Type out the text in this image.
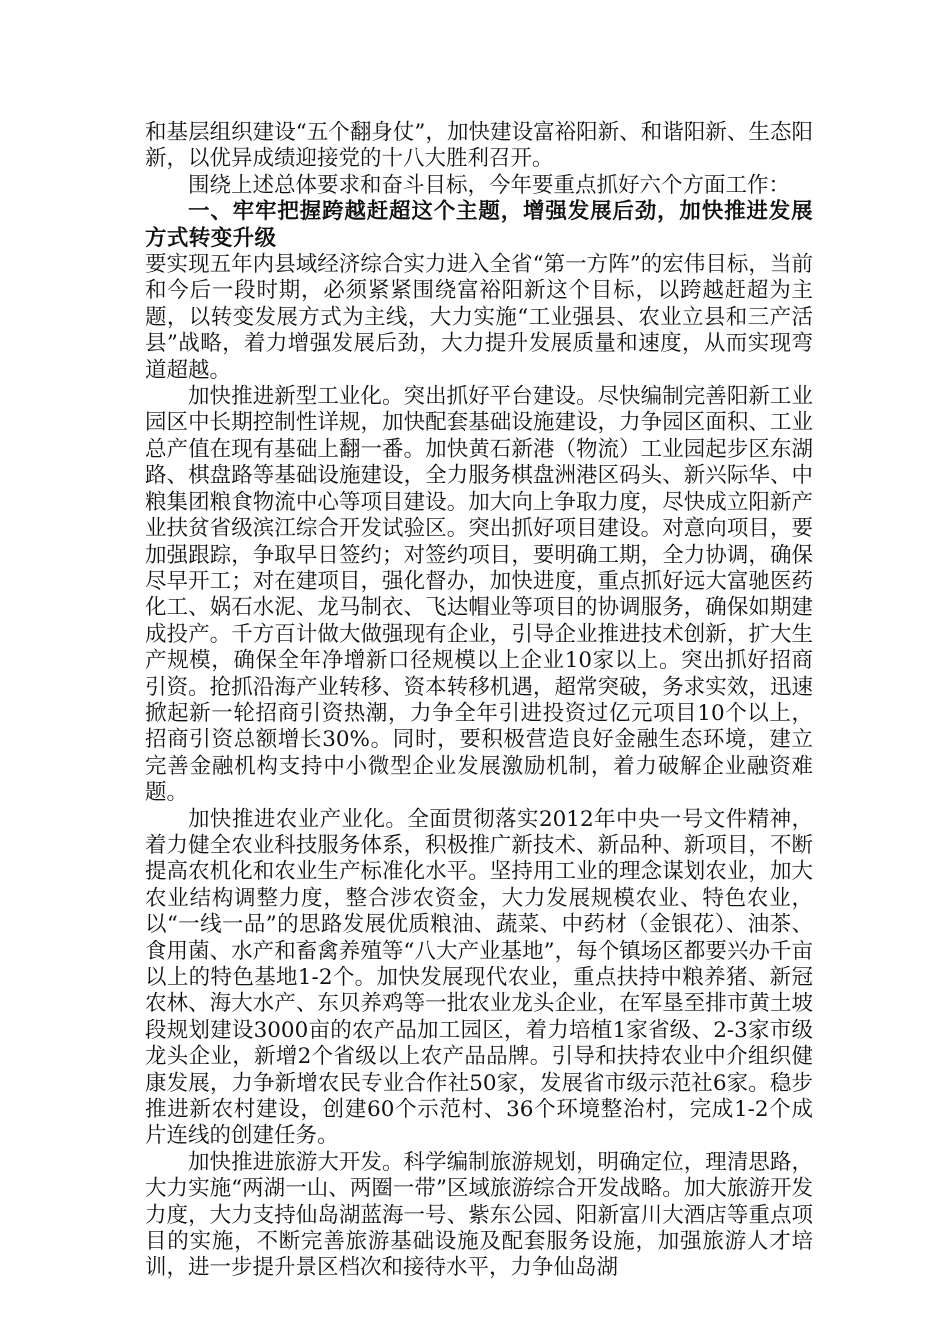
和基层组织建设“五个翻身仗”，加快建设富裕阳新、和谐阳新、生态阳新，以优异成绩迎接党的十八大胜利召开。

围绕上述总体要求和奋斗目标，今年要重点抓好六个方面工作：

一、牢牢把握跨越赶超这个主题，增强发展后劲，加快推进发展方式转变升级

要实现五年内县域经济综合实力进入全省“第一方阵”的宏伟目标，当前和今后一段时期，必须紧紧围绕富裕阳新这个目标，以跨越赶超为主题，以转变发展方式为主线，大力实施“工业强县、农业立县和三产活县”战略，着力增强发展后劲，大力提升发展质量和速度，从而实现弯道超越。

加快推进新型工业化。突出抓好平台建设。尽快编制完善阳新工业园区中长期控制性详规，加快配套基础设施建设，力争园区面积、工业总产值在现有基础上翻一番。加快黄石新港（物流）工业园起步区东湖路、棋盘路等基础设施建设，全力服务棋盘洲港区码头、新兴际华、中粮集团粮食物流中心等项目建设。加大向上争取力度，尽快成立阳新产业扶贫省级滨江综合开发试验区。突出抓好项目建设。对意向项目，要加强跟踪，争取早日签约；对签约项目，要明确工期，全力协调，确保尽早开工；对在建项目，强化督办，加快进度，重点抓好远大富驰医药化工、娲石水泥、龙马制衣、飞达帽业等项目的协调服务，确保如期建成投产。千方百计做大做强现有企业，引导企业推进技术创新，扩大生产规模，确保全年净增新口径规模以上企业10家以上。突出抓好招商引资。抢抓沿海产业转移、资本转移机遇，超常突破，务求实效，迅速掀起新一轮招商引资热潮，力争全年引进投资过亿元项目10个以上，招商引资总额增长30%。同时，要积极营造良好金融生态环境，建立完善金融机构支持中小微型企业发展激励机制，着力破解企业融资难题。

加快推进农业产业化。全面贯彻落实2012年中央一号文件精神，着力健全农业科技服务体系，积极推广新技术、新品种、新项目，不断提高农机化和农业生产标准化水平。坚持用工业的理念谋划农业，加大农业结构调整力度，整合涉农资金，大力发展规模农业、特色农业，以“一线一品”的思路发展优质粮油、蔬菜、中药材（金银花）、油茶、食用菌、水产和畜禽养殖等“八大产业基地”，每个镇场区都要兴办千亩以上的特色基地1-2个。加快发展现代农业，重点扶持中粮养猪、新冠农林、海大水产、东贝养鸡等一批农业龙头企业，在军垦至排市黄土坡段规划建设3000亩的农产品加工园区，着力培植1家省级、2-3家市级龙头企业，新增2个省级以上农产品品牌。引导和扶持农业中介组织健康发展，力争新增农民专业合作社50家，发展省市级示范社6家。稳步推进新农村建设，创建60个示范村、36个环境整治村，完成1-2个成片连线的创建任务。

加快推进旅游大开发。科学编制旅游规划，明确定位，理清思路，大力实施“两湖一山、两圈一带”区域旅游综合开发战略。加大旅游开发力度，大力支持仙岛湖蓝海一号、紫东公园、阳新富川大酒店等重点项目的实施，不断完善旅游基础设施及配套服务设施，加强旅游人才培训，进一步提升景区档次和接待水平，力争仙岛湖
